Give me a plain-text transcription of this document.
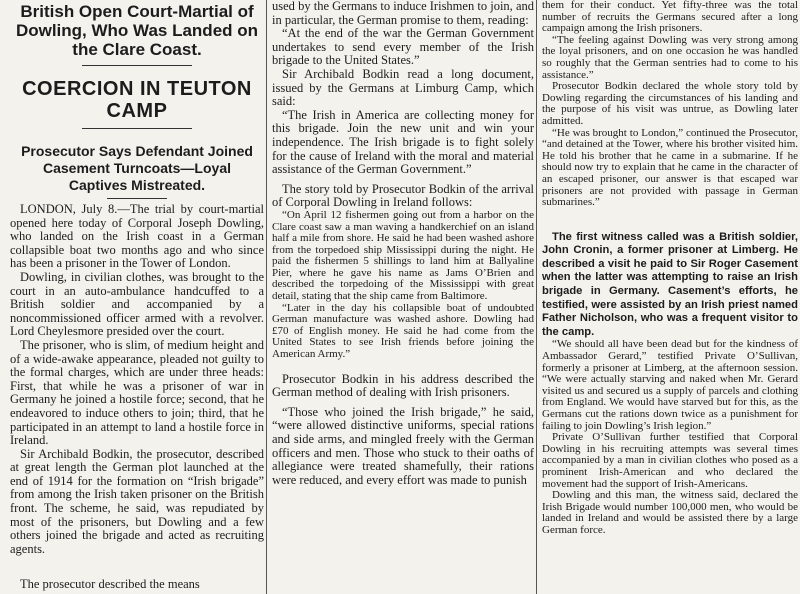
British Open Court-Martial of Dowling, Who Was Landed on the Clare Coast.
COERCION IN TEUTON CAMP
Prosecutor Says Defendant Joined Casement Turncoats—Loyal Captives Mistreated.

LONDON, July 8.—The trial by court-martial opened here today of Corporal Joseph Dowling, who landed on the Irish coast in a German collapsible boat two months ago and who since has been a prisoner in the Tower of London.

Dowling, in civilian clothes, was brought to the court in an auto-ambulance handcuffed to a British soldier and accompanied by a noncommissioned officer armed with a revolver. Lord Cheylesmore presided over the court.

The prisoner, who is slim, of medium height and of a wide-awake appearance, pleaded not guilty to the formal charges, which are under three heads: First, that while he was a prisoner of war in Germany he joined a hostile force; second, that he endeavored to induce others to join; third, that he participated in an attempt to land a hostile force in Ireland.

Sir Archibald Bodkin, the prosecutor, described at great length the German plot launched at the end of 1914 for the formation on “Irish brigade” from among the Irish taken prisoner on the British front. The scheme, he said, was repudiated by most of the prisoners, but Dowling and a few others joined the brigade and acted as recruiting agents.

The prosecutor described the means

used by the Germans to induce Irishmen to join, and in particular, the German promise to them, reading:

“At the end of the war the German Government undertakes to send every member of the Irish brigade to the United States.”

Sir Archibald Bodkin read a long document, issued by the Germans at Limburg Camp, which said:

“The Irish in America are collecting money for this brigade. Join the new unit and win your independence. The Irish brigade is to fight solely for the cause of Ireland with the moral and material assistance of the German Government.”

The story told by Prosecutor Bodkin of the arrival of Corporal Dowling in Ireland follows:

“On April 12 fishermen going out from a harbor on the Clare coast saw a man waving a handkerchief on an island half a mile from shore. He said he had been washed ashore from the torpedoed ship Mississippi during the night. He paid the fishermen 5 shillings to land him at Ballyaline Pier, where he gave his name as Jams O’Brien and described the torpedoing of the Mississippi with great detail, stating that the ship came from Baltimore.

“Later in the day his collapsible boat of undoubted German manufacture was washed ashore. Dowling had £70 of English money. He said he had come from the United States to see Irish friends before joining the American Army.”

Prosecutor Bodkin in his address described the German method of dealing with Irish prisoners.

“Those who joined the Irish brigade,” he said, “were allowed distinctive uniforms, special rations and side arms, and mingled freely with the German officers and men. Those who stuck to their oaths of allegiance were treated shamefully, their rations were reduced, and every effort was made to punish

them for their conduct. Yet fifty-three was the total number of recruits the Germans secured after a long campaign among the Irish prisoners.

“The feeling against Dowling was very strong among the loyal prisoners, and on one occasion he was handled so roughly that the German sentries had to come to his assistance.”

Prosecutor Bodkin declared the whole story told by Dowling regarding the circumstances of his landing and the purpose of his visit was untrue, as Dowling later admitted.

“He was brought to London,” continued the Prosecutor, “and detained at the Tower, where his brother visited him. He told his brother that he came in a submarine. If he should now try to explain that he came in the character of an escaped prisoner, our answer is that escaped war prisoners are not provided with passage in German submarines.”

The first witness called was a British soldier, John Cronin, a former prisoner at Limberg. He described a visit he paid to Sir Roger Casement when the latter was attempting to raise an Irish brigade in Germany. Casement’s efforts, he testified, were assisted by an Irish priest named Father Nicholson, who was a frequent visitor to the camp.

“We should all have been dead but for the kindness of Ambassador Gerard,” testified Private O’Sullivan, formerly a prisoner at Limberg, at the afternoon session. “We were actually starving and naked when Mr. Gerard visited us and secured us a supply of parcels and clothing from England. We would have starved but for this, as the Germans cut the rations down twice as a punishment for failing to join Dowling’s Irish legion.”

Private O’Sullivan further testified that Corporal Dowling in his recruiting attempts was several times accompanied by a man in civilian clothes who posed as a prominent Irish-American and who declared the movement had the support of Irish-Americans.

Dowling and this man, the witness said, declared the Irish Brigade would number 100,000 men, who would be landed in Ireland and would be assisted there by a large German force.
